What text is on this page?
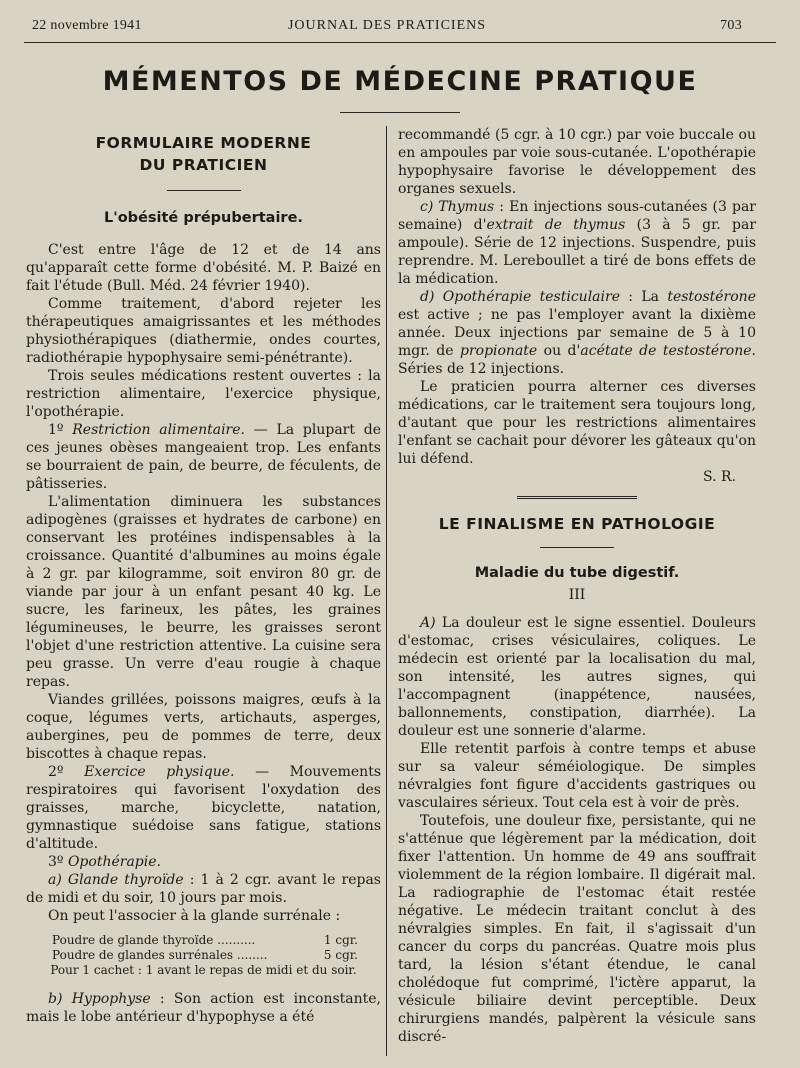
22 novembre 1941	JOURNAL DES PRATICIENS	703
MÉMENTOS DE MÉDECINE PRATIQUE
FORMULAIRE MODERNE
DU PRATICIEN
L'obésité prépubertaire.

C'est entre l'âge de 12 et de 14 ans qu'apparaît cette forme d'obésité. M. P. Baizé en fait l'étude (Bull. Méd. 24 février 1940).

Comme traitement, d'abord rejeter les thérapeutiques amaigrissantes et les méthodes physiothérapiques (diathermie, ondes courtes, radiothérapie hypophysaire semi-pénétrante).

Trois seules médications restent ouvertes : la restriction alimentaire, l'exercice physique, l'opothérapie.

1º Restriction alimentaire. — La plupart de ces jeunes obèses mangeaient trop. Les enfants se bourraient de pain, de beurre, de féculents, de pâtisseries.

L'alimentation diminuera les substances adipogènes (graisses et hydrates de carbone) en conservant les protéines indispensables à la croissance. Quantité d'albumines au moins égale à 2 gr. par kilogramme, soit environ 80 gr. de viande par jour à un enfant pesant 40 kg. Le sucre, les farineux, les pâtes, les graines légumineuses, le beurre, les graisses seront l'objet d'une restriction attentive. La cuisine sera peu grasse. Un verre d'eau rougie à chaque repas.

Viandes grillées, poissons maigres, œufs à la coque, légumes verts, artichauts, asperges, aubergines, peu de pommes de terre, deux biscottes à chaque repas.

2º Exercice physique. — Mouvements respiratoires qui favorisent l'oxydation des graisses, marche, bicyclette, natation, gymnastique suédoise sans fatigue, stations d'altitude.

3º Opothérapie.

a) Glande thyroïde : 1 à 2 cgr. avant le repas de midi et du soir, 10 jours par mois.

On peut l'associer à la glande surrénale :

Poudre de glande thyroïde ..........	1 cgr.
Poudre de glandes surrénales ........	5 cgr.
Pour 1 cachet : 1 avant le repas de midi et du soir.

b) Hypophyse : Son action est inconstante, mais le lobe antérieur d'hypophyse a été

recommandé (5 cgr. à 10 cgr.) par voie buccale ou en ampoules par voie sous-cutanée. L'opothérapie hypophysaire favorise le développement des organes sexuels.

c) Thymus : En injections sous-cutanées (3 par semaine) d'extrait de thymus (3 à 5 gr. par ampoule). Série de 12 injections. Suspendre, puis reprendre. M. Lereboullet a tiré de bons effets de la médication.

d) Opothérapie testiculaire : La testostérone est active ; ne pas l'employer avant la dixième année. Deux injections par semaine de 5 à 10 mgr. de propionate ou d'acétate de testostérone. Séries de 12 injections.

Le praticien pourra alterner ces diverses médications, car le traitement sera toujours long, d'autant que pour les restrictions alimentaires l'enfant se cachait pour dévorer les gâteaux qu'on lui défend.

S. R.
LE FINALISME EN PATHOLOGIE
Maladie du tube digestif.
III

A) La douleur est le signe essentiel. Douleurs d'estomac, crises vésiculaires, coliques. Le médecin est orienté par la localisation du mal, son intensité, les autres signes, qui l'accompagnent (inappétence, nausées, ballonnements, constipation, diarrhée). La douleur est une sonnerie d'alarme.

Elle retentit parfois à contre temps et abuse sur sa valeur séméiologique. De simples névralgies font figure d'accidents gastriques ou vasculaires sérieux. Tout cela est à voir de près.

Toutefois, une douleur fixe, persistante, qui ne s'atténue que légèrement par la médication, doit fixer l'attention. Un homme de 49 ans souffrait violemment de la région lombaire. Il digérait mal. La radiographie de l'estomac était restée négative. Le médecin traitant conclut à des névralgies simples. En fait, il s'agissait d'un cancer du corps du pancréas. Quatre mois plus tard, la lésion s'étant étendue, le canal cholédoque fut comprimé, l'ictère apparut, la vésicule biliaire devint perceptible. Deux chirurgiens mandés, palpèrent la vésicule sans discré-
